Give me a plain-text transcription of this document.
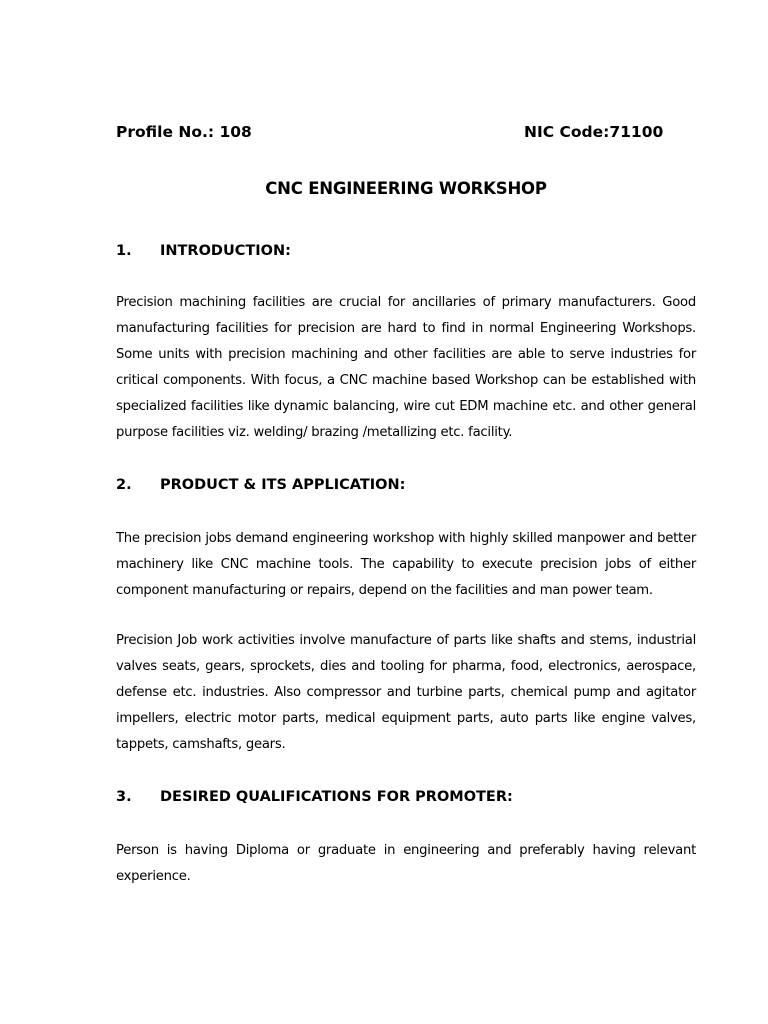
Profile No.: 108	NIC Code:71100
CNC ENGINEERING WORKSHOP
1. INTRODUCTION:

Precision machining facilities are crucial for ancillaries of primary manufacturers. Good manufacturing facilities for precision are hard to find in normal Engineering Workshops. Some units with precision machining and other facilities are able to serve industries for critical components. With focus, a CNC machine based Workshop can be established with specialized facilities like dynamic balancing, wire cut EDM machine etc. and other general purpose facilities viz. welding/ brazing /metallizing etc. facility.

2. PRODUCT & ITS APPLICATION:

The precision jobs demand engineering workshop with highly skilled manpower and better machinery like CNC machine tools. The capability to execute precision jobs of either component manufacturing or repairs, depend on the facilities and man power team.

Precision Job work activities involve manufacture of parts like shafts and stems, industrial valves seats, gears, sprockets, dies and tooling for pharma, food, electronics, aerospace, defense etc. industries. Also compressor and turbine parts, chemical pump and agitator impellers, electric motor parts, medical equipment parts, auto parts like engine valves, tappets, camshafts, gears.

3. DESIRED QUALIFICATIONS FOR PROMOTER:

Person is having Diploma or graduate in engineering and preferably having relevant experience.
